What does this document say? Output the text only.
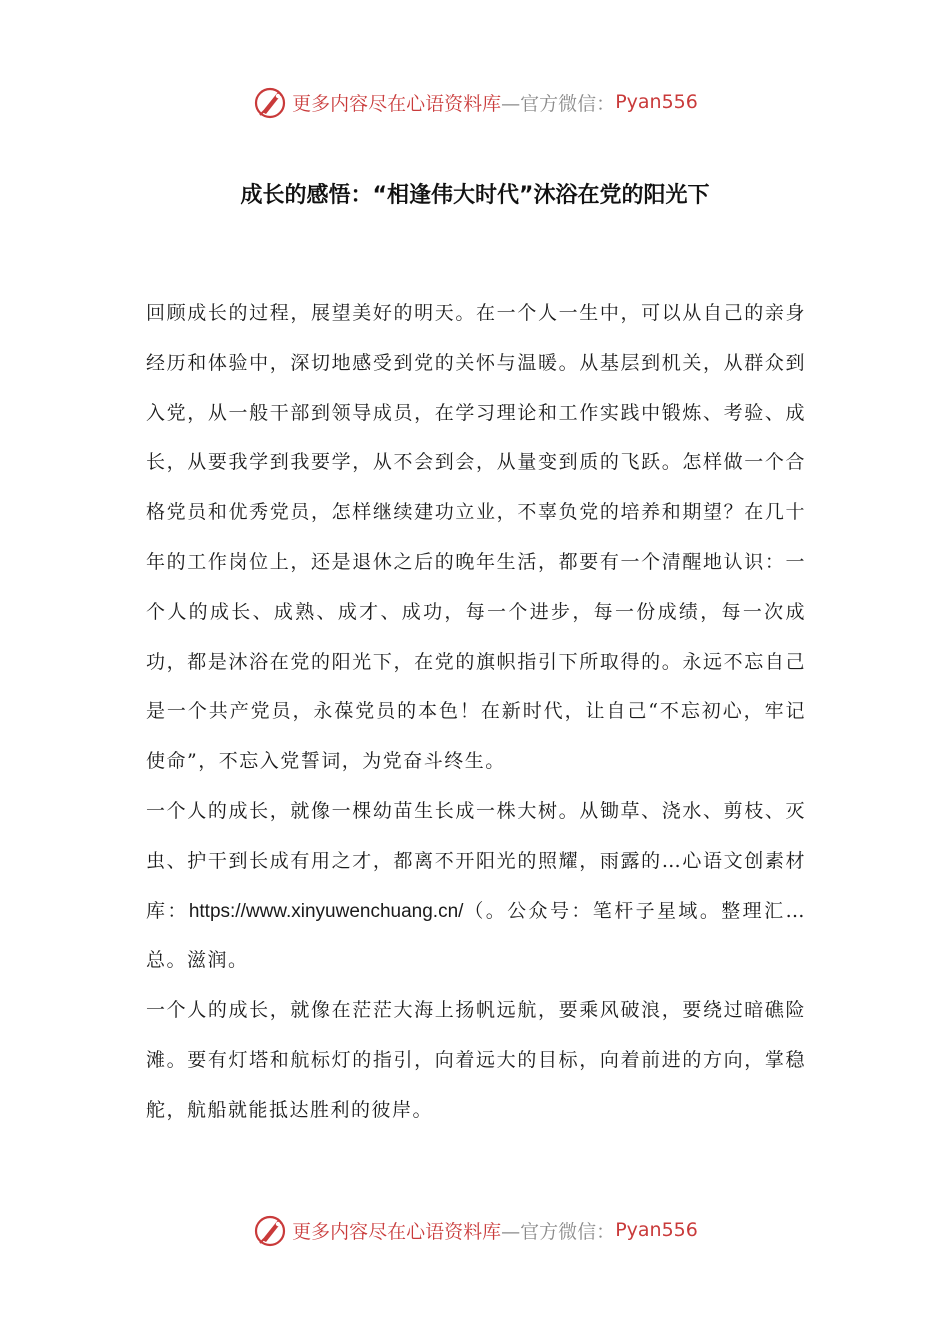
更多内容尽在心语资料库 —官方微信： Pyan556
成长的感悟：“相逢伟大时代”沐浴在党的阳光下

回顾成长的过程，展望美好的明天。在一个人一生中，可以从自己的亲身经历和体验中，深切地感受到党的关怀与温暖。从基层到机关，从群众到入党，从一般干部到领导成员，在学习理论和工作实践中锻炼、考验、成长，从要我学到我要学，从不会到会，从量变到质的飞跃。怎样做一个合格党员和优秀党员，怎样继续建功立业，不辜负党的培养和期望？在几十年的工作岗位上，还是退休之后的晚年生活，都要有一个清醒地认识：一个人的成长、成熟、成才、成功，每一个进步，每一份成绩，每一次成功，都是沐浴在党的阳光下，在党的旗帜指引下所取得的。永远不忘自己是一个共产党员，永葆党员的本色！在新时代，让自己“不忘初心，牢记使命”，不忘入党誓词，为党奋斗终生。

一个人的成长，就像一棵幼苗生长成一株大树。从锄草、浇水、剪枝、灭虫、护干到长成有用之才，都离不开阳光的照耀，雨露的…心语文创素材库：https://www.xinyuwenchuang.cn/（。公众号：笔杆子星域。整理汇…总。滋润。

一个人的成长，就像在茫茫大海上扬帆远航，要乘风破浪，要绕过暗礁险滩。要有灯塔和航标灯的指引，向着远大的目标，向着前进的方向，掌稳舵，航船就能抵达胜利的彼岸。

更多内容尽在心语资料库 —官方微信： Pyan556
